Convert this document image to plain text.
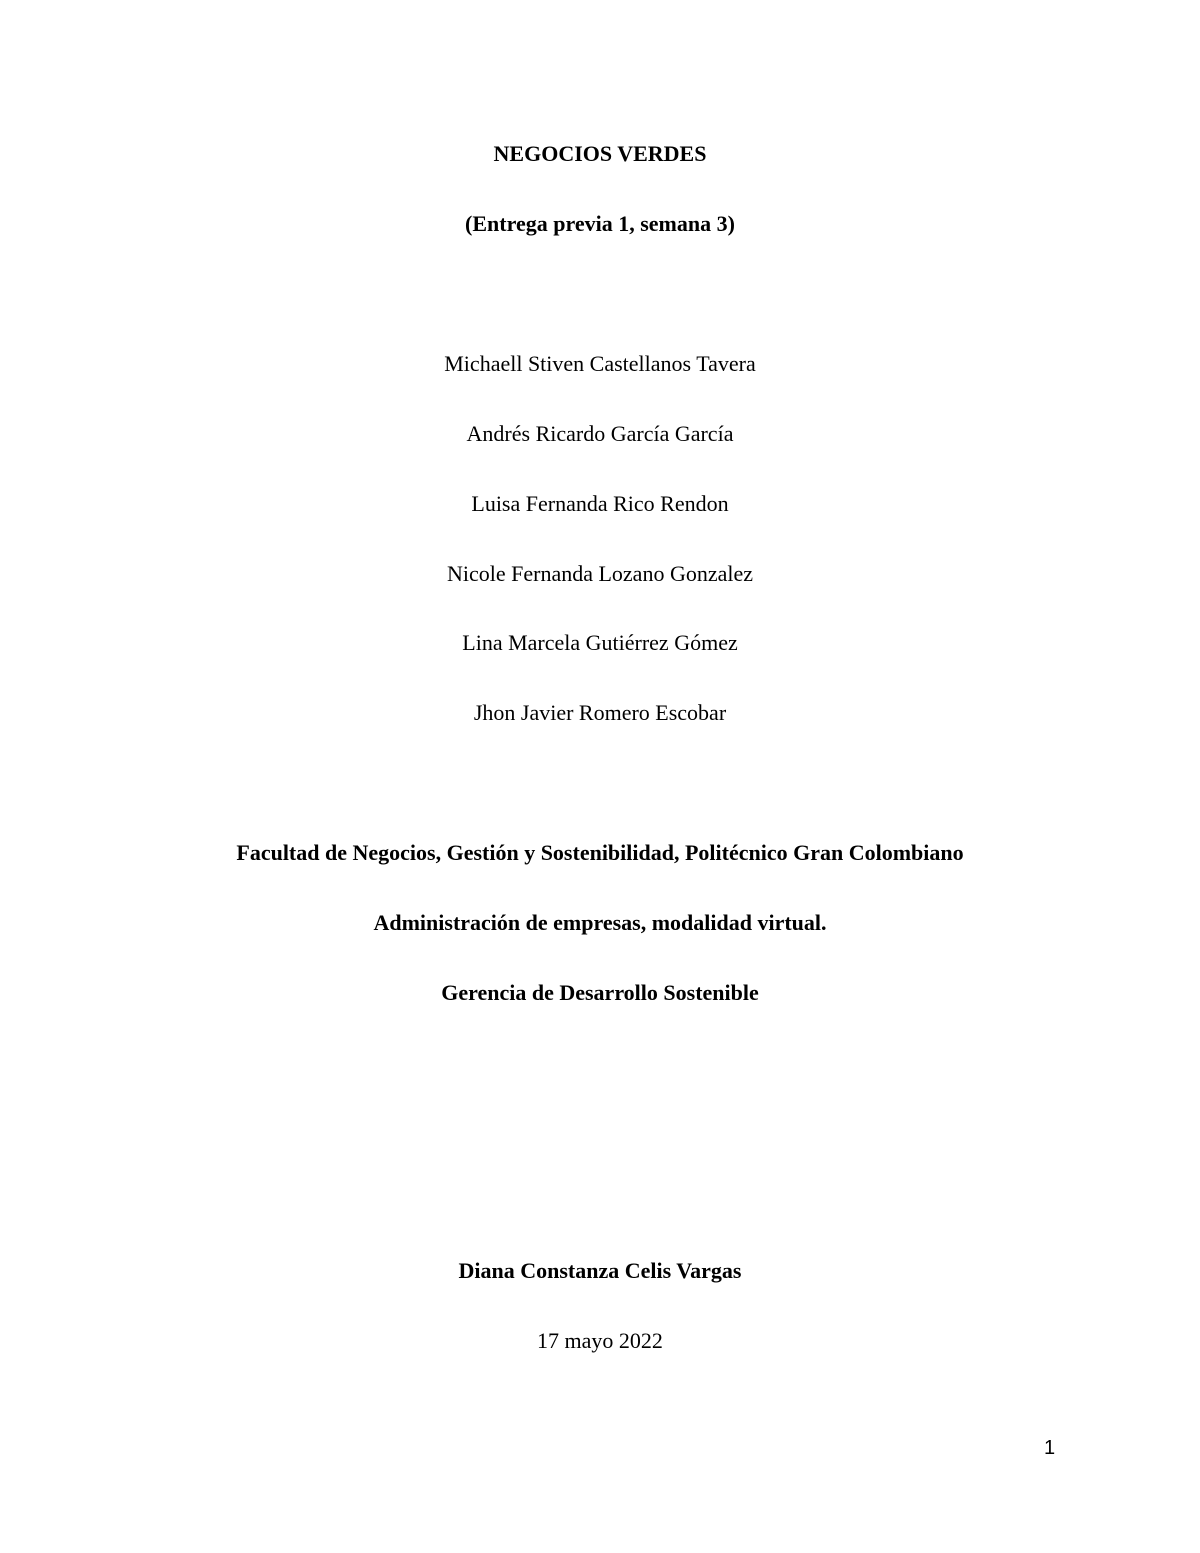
NEGOCIOS VERDES
(Entrega previa 1, semana 3)
Michaell Stiven Castellanos Tavera
Andrés Ricardo García García
Luisa Fernanda Rico Rendon
Nicole Fernanda Lozano Gonzalez
Lina Marcela Gutiérrez Gómez
Jhon Javier Romero Escobar
Facultad de Negocios, Gestión y Sostenibilidad, Politécnico Gran Colombiano
Administración de empresas, modalidad virtual.
Gerencia de Desarrollo Sostenible
Diana Constanza Celis Vargas
17 mayo 2022
1
